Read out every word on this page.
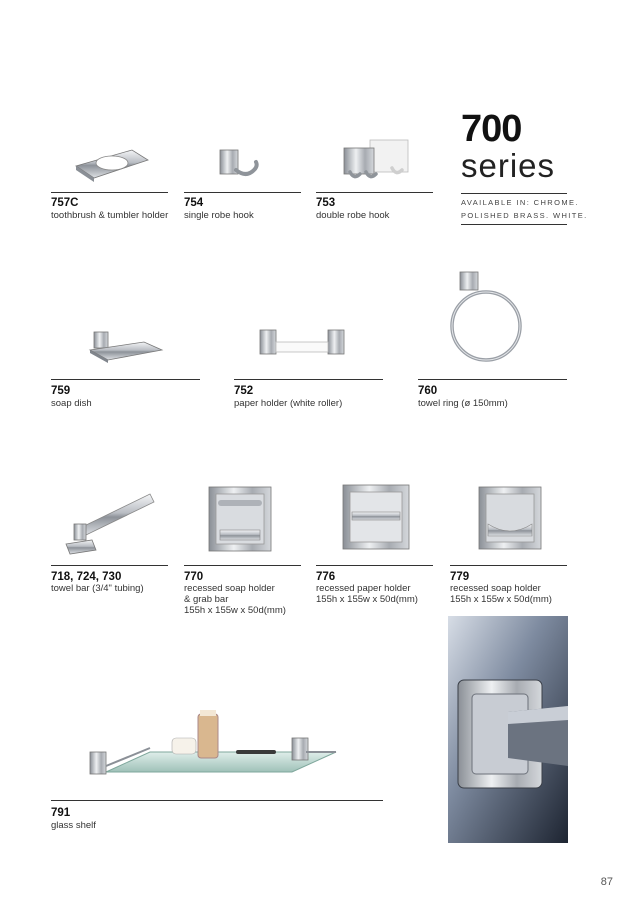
700
series
AVAILABLE IN: CHROME.
POLISHED BRASS. WHITE.
757C
toothbrush & tumbler holder
754
single robe hook
753
double robe hook
759
soap dish
752
paper holder (white roller)
760
towel ring (ø 150mm)
718, 724, 730
towel bar (3/4" tubing)
770
recessed soap holder
& grab bar
155h x 155w x 50d(mm)
776
recessed paper holder
155h x 155w x 50d(mm)
779
recessed soap holder
155h x 155w x 50d(mm)
791
glass shelf
87
